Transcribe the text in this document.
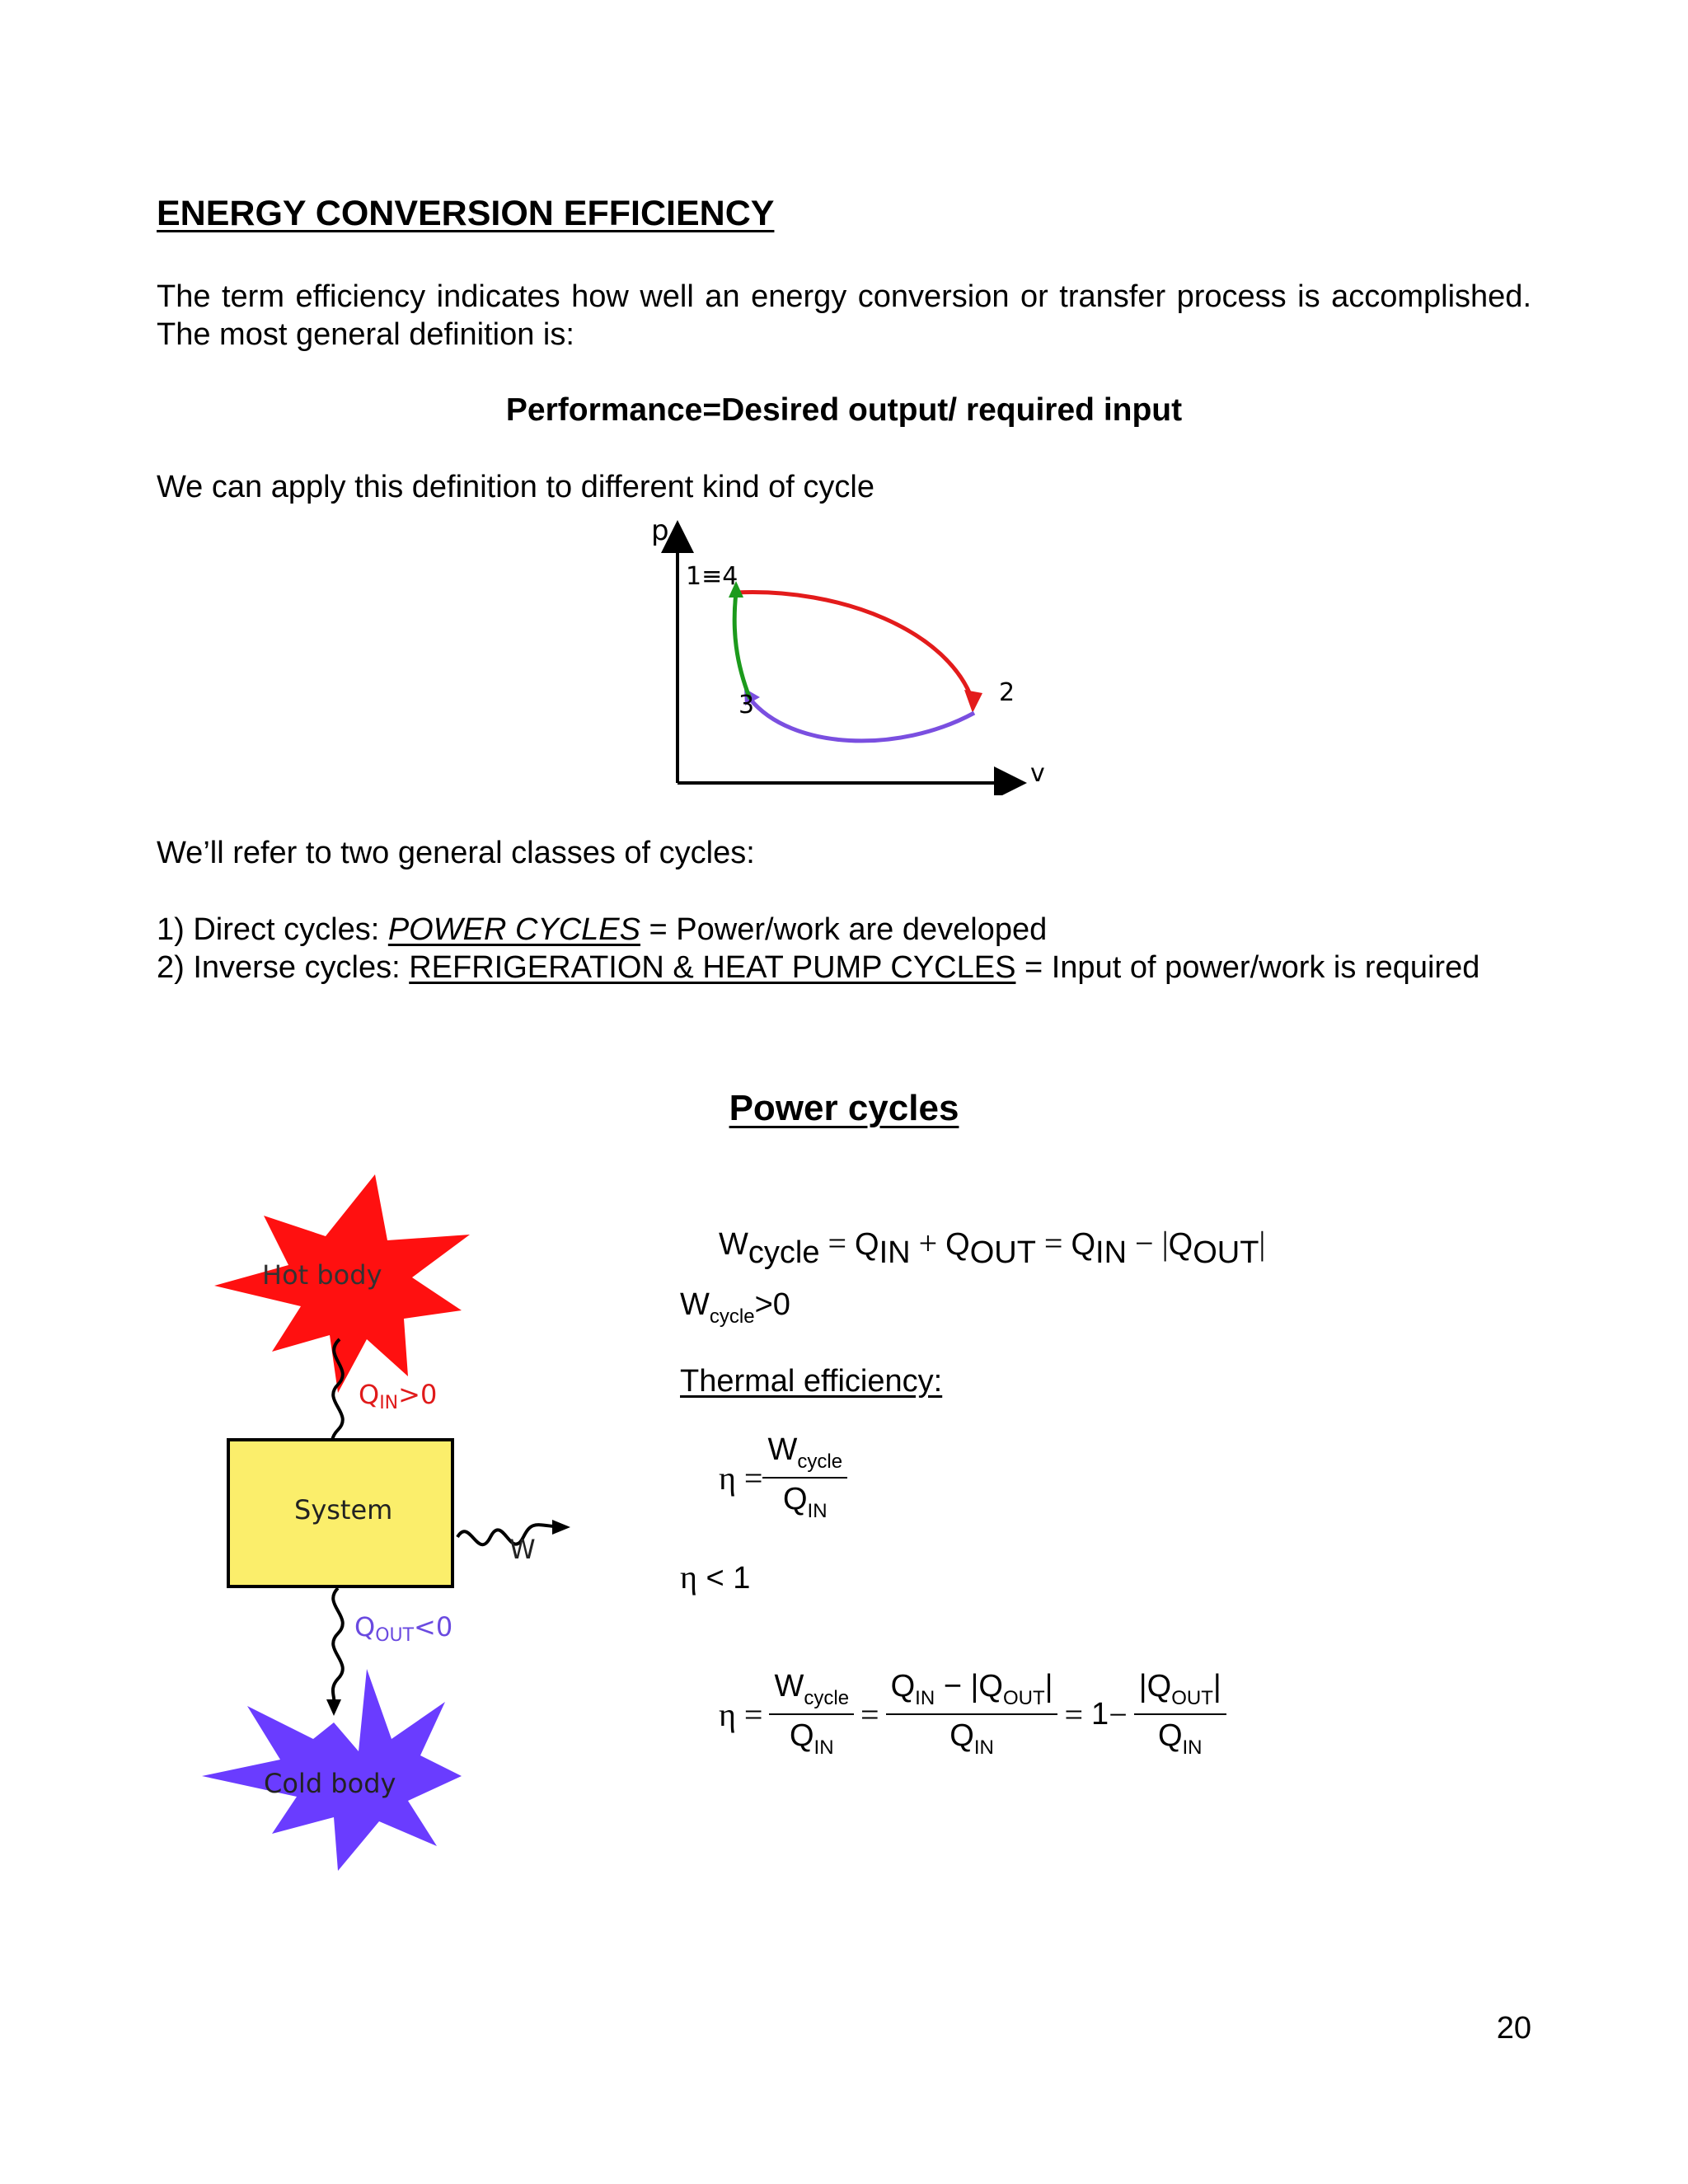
ENERGY CONVERSION EFFICIENCY
The term efficiency indicates how well an energy conversion or transfer process is accomplished. The most general definition is:
Performance=Desired output/ required input
We can apply this definition to different kind of cycle
p
v
1≡4
2
3
We’ll refer to two general classes of cycles:
1) Direct cycles: POWER CYCLES = Power/work are developed
2) Inverse cycles: REFRIGERATION & HEAT PUMP CYCLES = Input of power/work is required
Power cycles
Hot body
QIN>0
System
W
QOUT<0
Cold body
$W_{cycle} = Q_{IN} + Q_{OUT} = Q_{IN} - |Q_{OUT}|$
$W_{cycle}>0$
Thermal efficiency:
η
= $\frac{W_{cycle}}{Q_{IN}}$
η < 1
η
= $\frac{W_{cycle}}{Q_{IN}} = \frac{Q_{IN} - |Q_{OUT}|}{Q_{IN}}$ =
$1 - \frac{|Q_{OUT}|}{Q_{IN}}$
20
